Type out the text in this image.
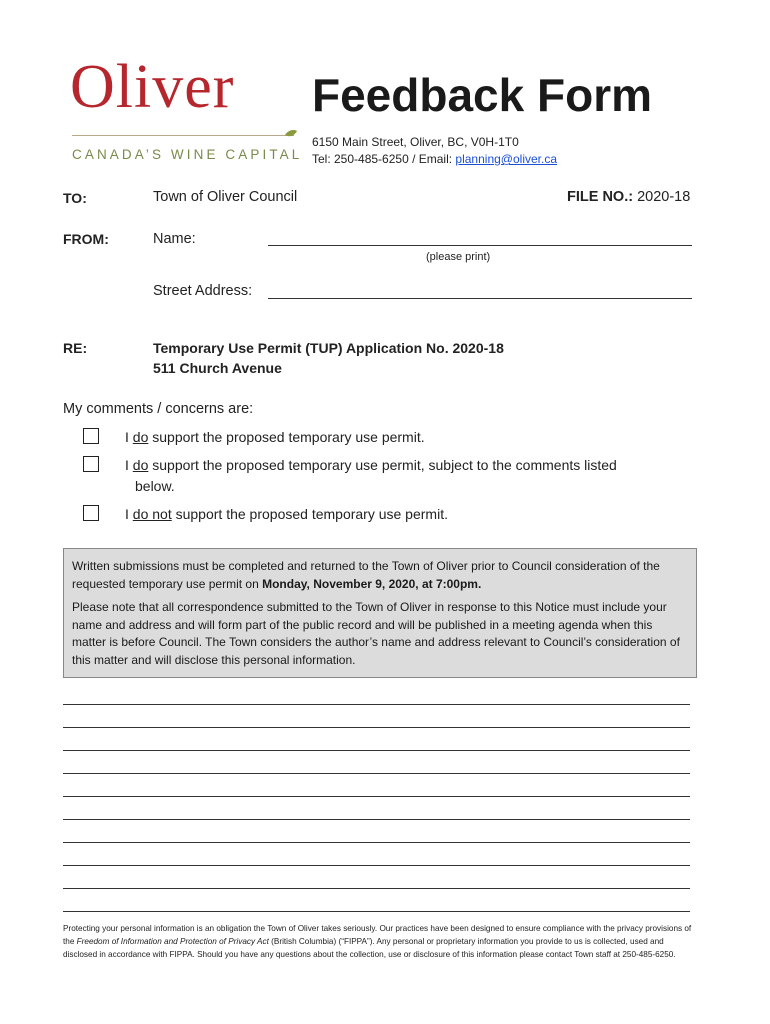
Oliver
CANADA’S WINE CAPITAL
Feedback Form
6150 Main Street, Oliver, BC, V0H-1T0
Tel: 250-485-6250 / Email: planning@oliver.ca
TO:	Town of Oliver Council	FILE NO.: 2020-18
FROM:	Name:
(please print)
Street Address:
RE:	Temporary Use Permit (TUP) Application No. 2020-18
511 Church Avenue
My comments / concerns are:
I do support the proposed temporary use permit.
I do support the proposed temporary use permit, subject to the comments listed
below.
I do not support the proposed temporary use permit.

Written submissions must be completed and returned to the Town of Oliver prior to Council consideration of the requested temporary use permit on Monday, November 9, 2020, at 7:00pm.

Please note that all correspondence submitted to the Town of Oliver in response to this Notice must include your name and address and will form part of the public record and will be published in a meeting agenda when this matter is before Council. The Town considers the author’s name and address relevant to Council’s consideration of this matter and will disclose this personal information.

Protecting your personal information is an obligation the Town of Oliver takes seriously. Our practices have been designed to ensure compliance with the privacy provisions of the Freedom of Information and Protection of Privacy Act (British Columbia) (“FIPPA”). Any personal or proprietary information you provide to us is collected, used and disclosed in accordance with FIPPA. Should you have any questions about the collection, use or disclosure of this information please contact Town staff at 250-485-6250.
